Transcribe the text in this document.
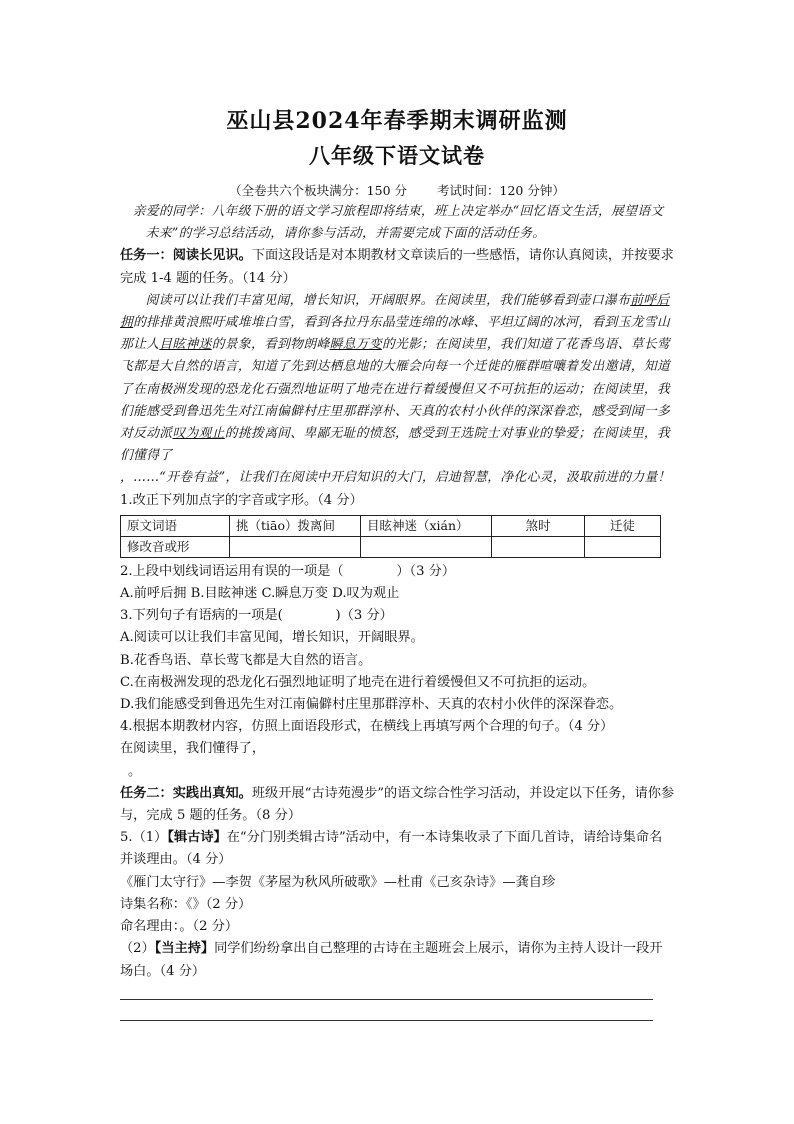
巫山县2024年春季期末调研监测
八年级下语文试卷
（全卷共六个板块满分：150 分 考试时间：120 分钟）

亲爱的同学：八年级下册的语文学习旅程即将结束，班上决定举办“回忆语文生活，展望语文未来”的学习总结活动，请你参与活动，并需要完成下面的活动任务。

任务一：阅读长见识。下面这段话是对本期教材文章读后的一些感悟，请你认真阅读，并按要求完成 1-4 题的任务。（14 分）

阅读可以让我们丰富见闻，增长知识，开阔眼界。在阅读里，我们能够看到壶口瀑布前呼后拥的排排黄浪熙吁咸堆堆白雪，看到各拉丹东晶莹连绵的冰峰、平坦辽阔的冰河，看到玉龙雪山那让人目眩神迷的景象，看到物朗峰瞬息万变的光影；在阅读里，我们知道了花香鸟语、草长莺飞都是大自然的语言，知道了先到达栖息地的大雁会向每一个迁徙的雁群喧嚷着发出邀请，知道了在南极洲发现的恐龙化石强烈地证明了地壳在进行着缓慢但又不可抗拒的运动；在阅读里，我们能感受到鲁迅先生对江南偏僻村庄里那群淳朴、天真的农村小伙伴的深深眷恋，感受到闻一多对反动派叹为观止的挑拨离间、卑鄙无耻的愤怒，感受到王选院士对事业的挚爱；在阅读里，我们懂得了

，……“开卷有益”，让我们在阅读中开启知识的大门，启迪智慧，净化心灵，汲取前进的力量！

1.改正下列加点字的字音或字形。（4 分）

原文词语	挑（tiāo）拨离间	目眩神迷（xián）	煞时	迁徒
修改音或形				

2.上段中划线词语运用有误的一项是（　　　　）（3 分）

A.前呼后拥 B.目眩神迷 C.瞬息万变 D.叹为观止

3.下列句子有语病的一项是(　　　　)（3 分）

A.阅读可以让我们丰富见闻，增长知识，开阔眼界。

B.花香鸟语、草长莺飞都是大自然的语言。

C.在南极洲发现的恐龙化石强烈地证明了地壳在进行着缓慢但又不可抗拒的运动。

D.我们能感受到鲁迅先生对江南偏僻村庄里那群淳朴、天真的农村小伙伴的深深眷恋。

4.根据本期教材内容，仿照上面语段形式，在横线上再填写两个合理的句子。（4 分）

在阅读里，我们懂得了，

。

任务二：实践出真知。班级开展“古诗苑漫步”的语文综合性学习活动，并设定以下任务，请你参与，完成 5 题的任务。（8 分）

5.（1）【辑古诗】在“分门别类辑古诗”活动中，有一本诗集收录了下面几首诗，请给诗集命名并谈理由。（4 分）

《雁门太守行》—李贺《茅屋为秋风所破歌》—杜甫《己亥杂诗》—龚自珍

诗集名称：《》（2 分）

命名理由：。（2 分）

（2）【当主持】同学们纷纷拿出自己整理的古诗在主题班会上展示，请你为主持人设计一段开场白。（4 分）
